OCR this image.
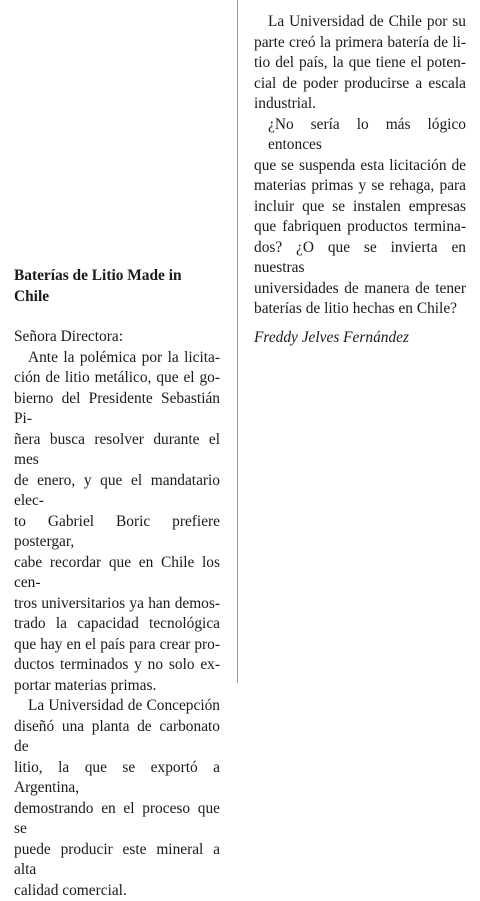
Baterías de Litio Made in Chile
Señora Directora:
Ante la polémica por la licita-
ción de litio metálico, que el go-
bierno del Presidente Sebastián Pi-
ñera busca resolver durante el mes
de enero, y que el mandatario elec-
to Gabriel Boric prefiere postergar,
cabe recordar que en Chile los cen-
tros universitarios ya han demos-
trado la capacidad tecnológica
que hay en el país para crear pro-
ductos terminados y no solo ex-
portar materias primas.
La Universidad de Concepción
diseñó una planta de carbonato de
litio, la que se exportó a Argentina,
demostrando en el proceso que se
puede producir este mineral a alta
calidad comercial.
La Universidad de Chile por su
parte creó la primera batería de li-
tio del país, la que tiene el poten-
cial de poder producirse a escala
industrial.
¿No sería lo más lógico entonces
que se suspenda esta licitación de
materias primas y se rehaga, para
incluir que se instalen empresas
que fabriquen productos termina-
dos? ¿O que se invierta en nuestras
universidades de manera de tener
baterías de litio hechas en Chile?
Freddy Jelves Fernández
